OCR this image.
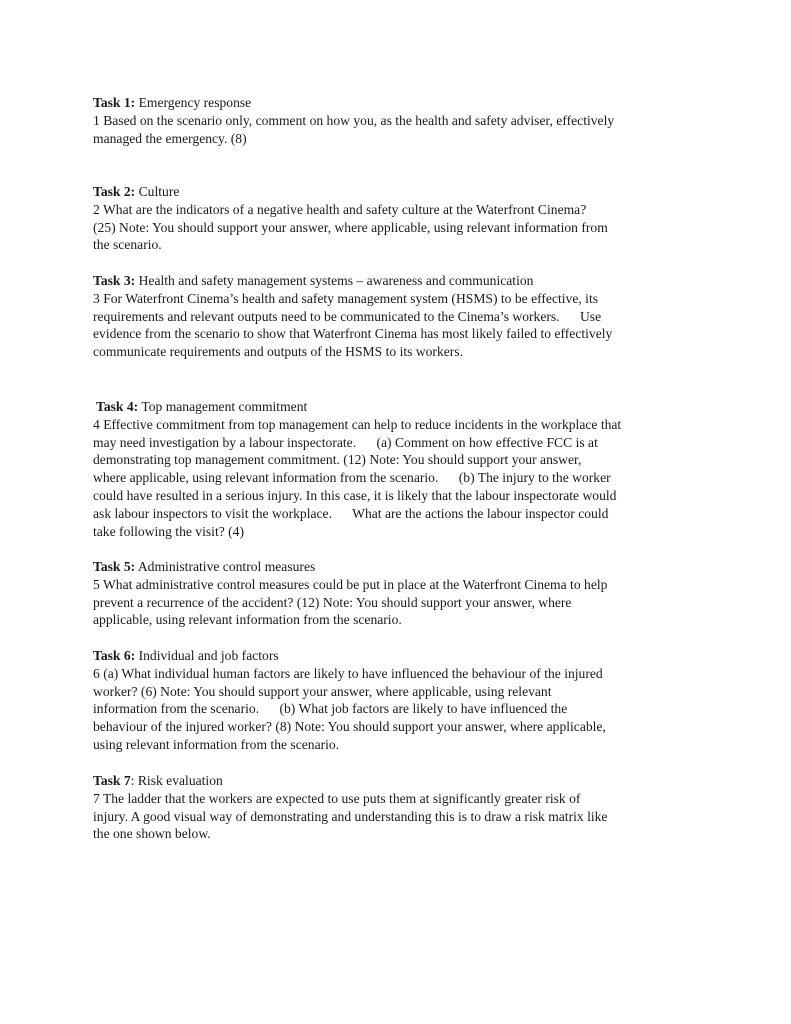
Task 1: Emergency response

1 Based on the scenario only, comment on how you, as the health and safety adviser, effectively

managed the emergency. (8)

Task 2: Culture

2 What are the indicators of a negative health and safety culture at the Waterfront Cinema?

(25) Note: You should support your answer, where applicable, using relevant information from

the scenario.

Task 3: Health and safety management systems – awareness and communication

3 For Waterfront Cinema’s health and safety management system (HSMS) to be effective, its

requirements and relevant outputs need to be communicated to the Cinema’s workers.      Use

evidence from the scenario to show that Waterfront Cinema has most likely failed to effectively

communicate requirements and outputs of the HSMS to its workers.

Task 4: Top management commitment

4 Effective commitment from top management can help to reduce incidents in the workplace that

may need investigation by a labour inspectorate.      (a) Comment on how effective FCC is at

demonstrating top management commitment. (12) Note: You should support your answer,

where applicable, using relevant information from the scenario.      (b) The injury to the worker

could have resulted in a serious injury. In this case, it is likely that the labour inspectorate would

ask labour inspectors to visit the workplace.      What are the actions the labour inspector could

take following the visit? (4)

Task 5: Administrative control measures

5 What administrative control measures could be put in place at the Waterfront Cinema to help

prevent a recurrence of the accident? (12) Note: You should support your answer, where

applicable, using relevant information from the scenario.

Task 6: Individual and job factors

6 (a) What individual human factors are likely to have influenced the behaviour of the injured

worker? (6) Note: You should support your answer, where applicable, using relevant

information from the scenario.      (b) What job factors are likely to have influenced the

behaviour of the injured worker? (8) Note: You should support your answer, where applicable,

using relevant information from the scenario.

Task 7: Risk evaluation

7 The ladder that the workers are expected to use puts them at significantly greater risk of

injury. A good visual way of demonstrating and understanding this is to draw a risk matrix like

the one shown below.
